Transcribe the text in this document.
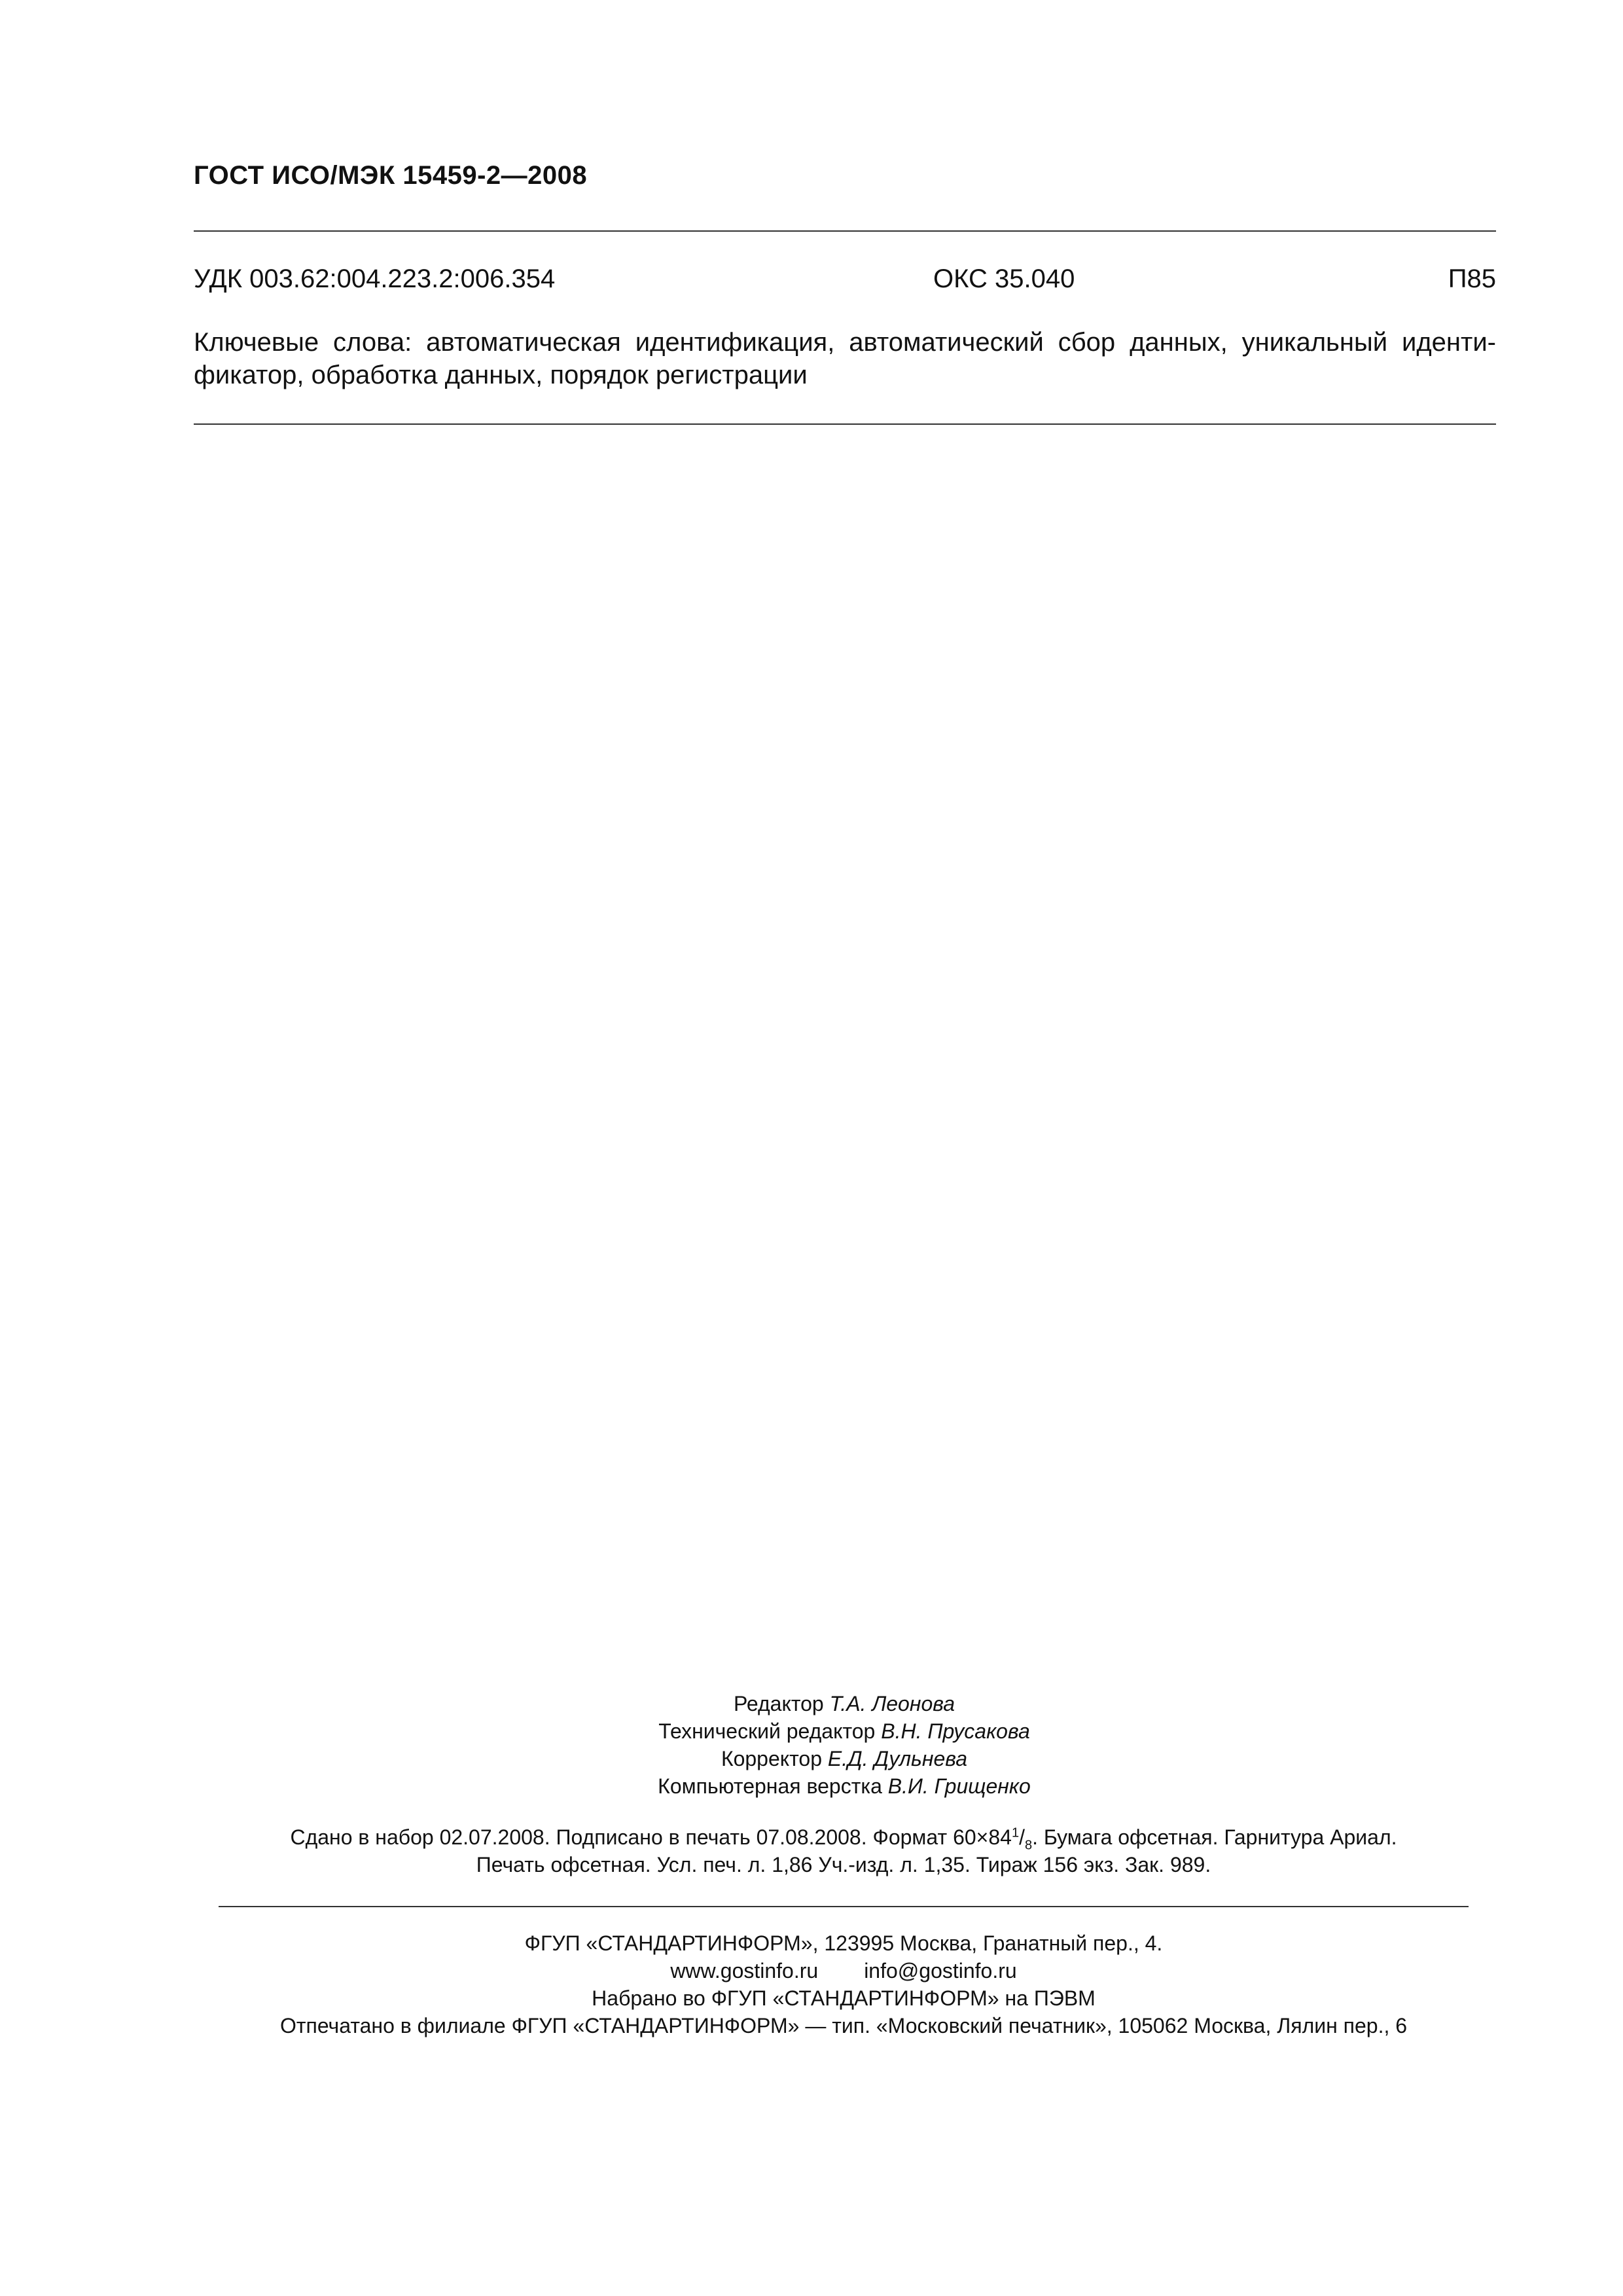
ГОСТ ИСО/МЭК 15459-2—2008
УДК 003.62:004.223.2:006.354	ОКС 35.040	П85
Ключевые слова: автоматическая идентификация, автоматический сбор данных, уникальный иденти-фикатор, обработка данных, порядок регистрации
Редактор Т.А. Леонова
Технический редактор В.Н. Прусакова
Корректор Е.Д. Дульнева
Компьютерная верстка В.И. Грищенко
Сдано в набор 02.07.2008. Подписано в печать 07.08.2008. Формат $60\times 84^1/_8$. Бумага офсетная. Гарнитура Ариал.
Печать офсетная. Усл. печ. л. 1,86 Уч.-изд. л. 1,35. Тираж 156 экз. Зак. 989.
ФГУП «СТАНДАРТИНФОРМ», 123995 Москва, Гранатный пер., 4.
www.gostinfo.ru info@gostinfo.ru
Набрано во ФГУП «СТАНДАРТИНФОРМ» на ПЭВМ
Отпечатано в филиале ФГУП «СТАНДАРТИНФОРМ» — тип. «Московский печатник», 105062 Москва, Лялин пер., 6
